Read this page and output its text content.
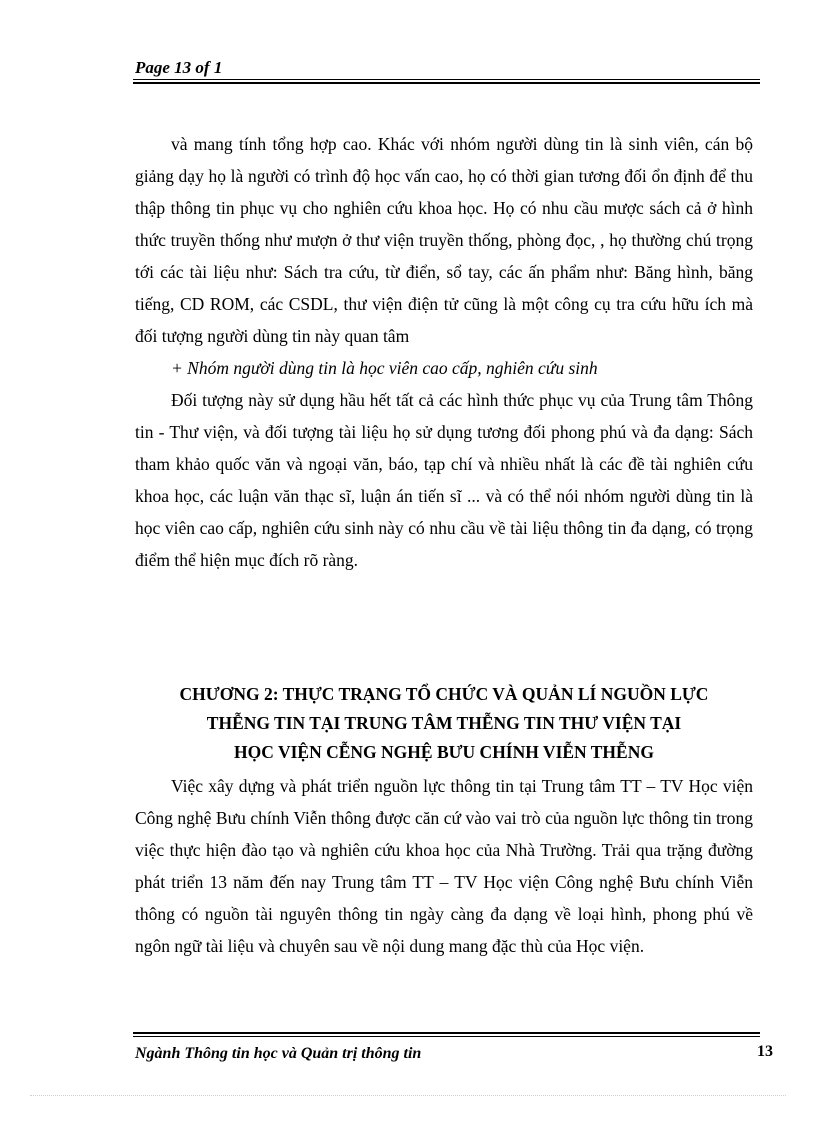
Page 13 of 1

và mang tính tổng hợp cao. Khác với nhóm người dùng tin là sinh viên, cán bộ giảng dạy họ là người có trình độ học vấn cao, họ có thời gian tương đối ổn định để thu thập thông tin phục vụ cho nghiên cứu khoa học. Họ có nhu cầu mược sách cả ở hình thức truyền thống như mượn ở thư viện truyền thống, phòng đọc, , họ thường chú trọng tới các tài liệu như: Sách tra cứu, từ điển, sổ tay, các ấn phẩm như: Băng hình, băng tiếng, CD ROM, các CSDL, thư viện điện tử cũng là một công cụ tra cứu hữu ích mà đối tượng người dùng tin này quan tâm

+ Nhóm người dùng tin là học viên cao cấp, nghiên cứu sinh

Đối tượng này sử dụng hầu hết tất cả các hình thức phục vụ của Trung tâm Thông tin - Thư viện, và đối tượng tài liệu họ sử dụng tương đối phong phú và đa dạng: Sách tham khảo quốc văn và ngoại văn, báo, tạp chí và nhiều nhất là các đề tài nghiên cứu khoa học, các luận văn thạc sĩ, luận án tiến sĩ ... và có thể nói nhóm người dùng tin là học viên cao cấp, nghiên cứu sinh này có nhu cầu về tài liệu thông tin đa dạng, có trọng điểm thể hiện mục đích rõ ràng.

CHƯƠNG 2: THỰC TRẠNG TỔ CHỨC VÀ QUẢN LÍ NGUỒN LỰC
THỄNG TIN TẠI TRUNG TÂM THỄNG TIN THƯ VIỆN TẠI
HỌC VIỆN CỄNG NGHỆ BƯU CHÍNH VIỄN THỄNG

Việc xây dựng và phát triển nguồn lực thông tin tại Trung tâm TT – TV Học viện Công nghệ Bưu chính Viễn thông được căn cứ vào vai trò của nguồn lực thông tin trong việc thực hiện đào tạo và nghiên cứu khoa học của Nhà Trường. Trải qua trặng đường phát triển 13 năm đến nay Trung tâm TT – TV Học viện Công nghệ Bưu chính Viễn thông có nguồn tài nguyên thông tin ngày càng đa dạng về loại hình, phong phú về ngôn ngữ tài liệu và chuyên sau về nội dung mang đặc thù của Học viện.

Ngành Thông tin học và Quản trị thông tin	13
